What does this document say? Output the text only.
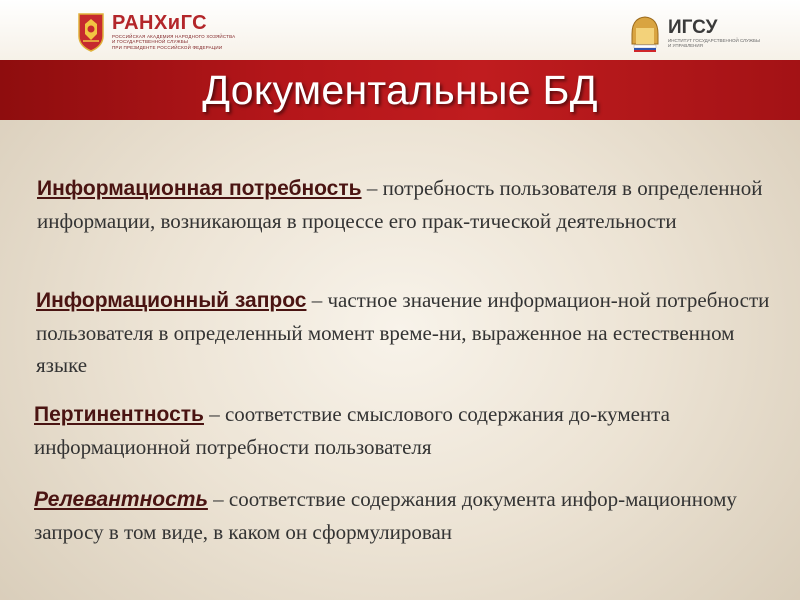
РАНХиГС
РОССИЙСКАЯ АКАДЕМИЯ НАРОДНОГО ХОЗЯЙСТВА
И ГОСУДАРСТВЕННОЙ СЛУЖБЫ
ПРИ ПРЕЗИДЕНТЕ РОССИЙСКОЙ ФЕДЕРАЦИИ
ИГСУ
ИНСТИТУТ ГОСУДАРСТВЕННОЙ СЛУЖБЫ
И УПРАВЛЕНИЯ
Документальные БД

Информационная потребность – потребность пользователя в определенной информации, возникающая в процессе его прак-тической деятельности

Информационный запрос – частное значение информацион-ной потребности пользователя в определенный момент време-ни, выраженное на естественном языке

Пертинентность – соответствие смыслового содержания до-кумента информационной потребности пользователя

Релевантность – соответствие содержания документа инфор-мационному запросу в том виде, в каком он сформулирован
